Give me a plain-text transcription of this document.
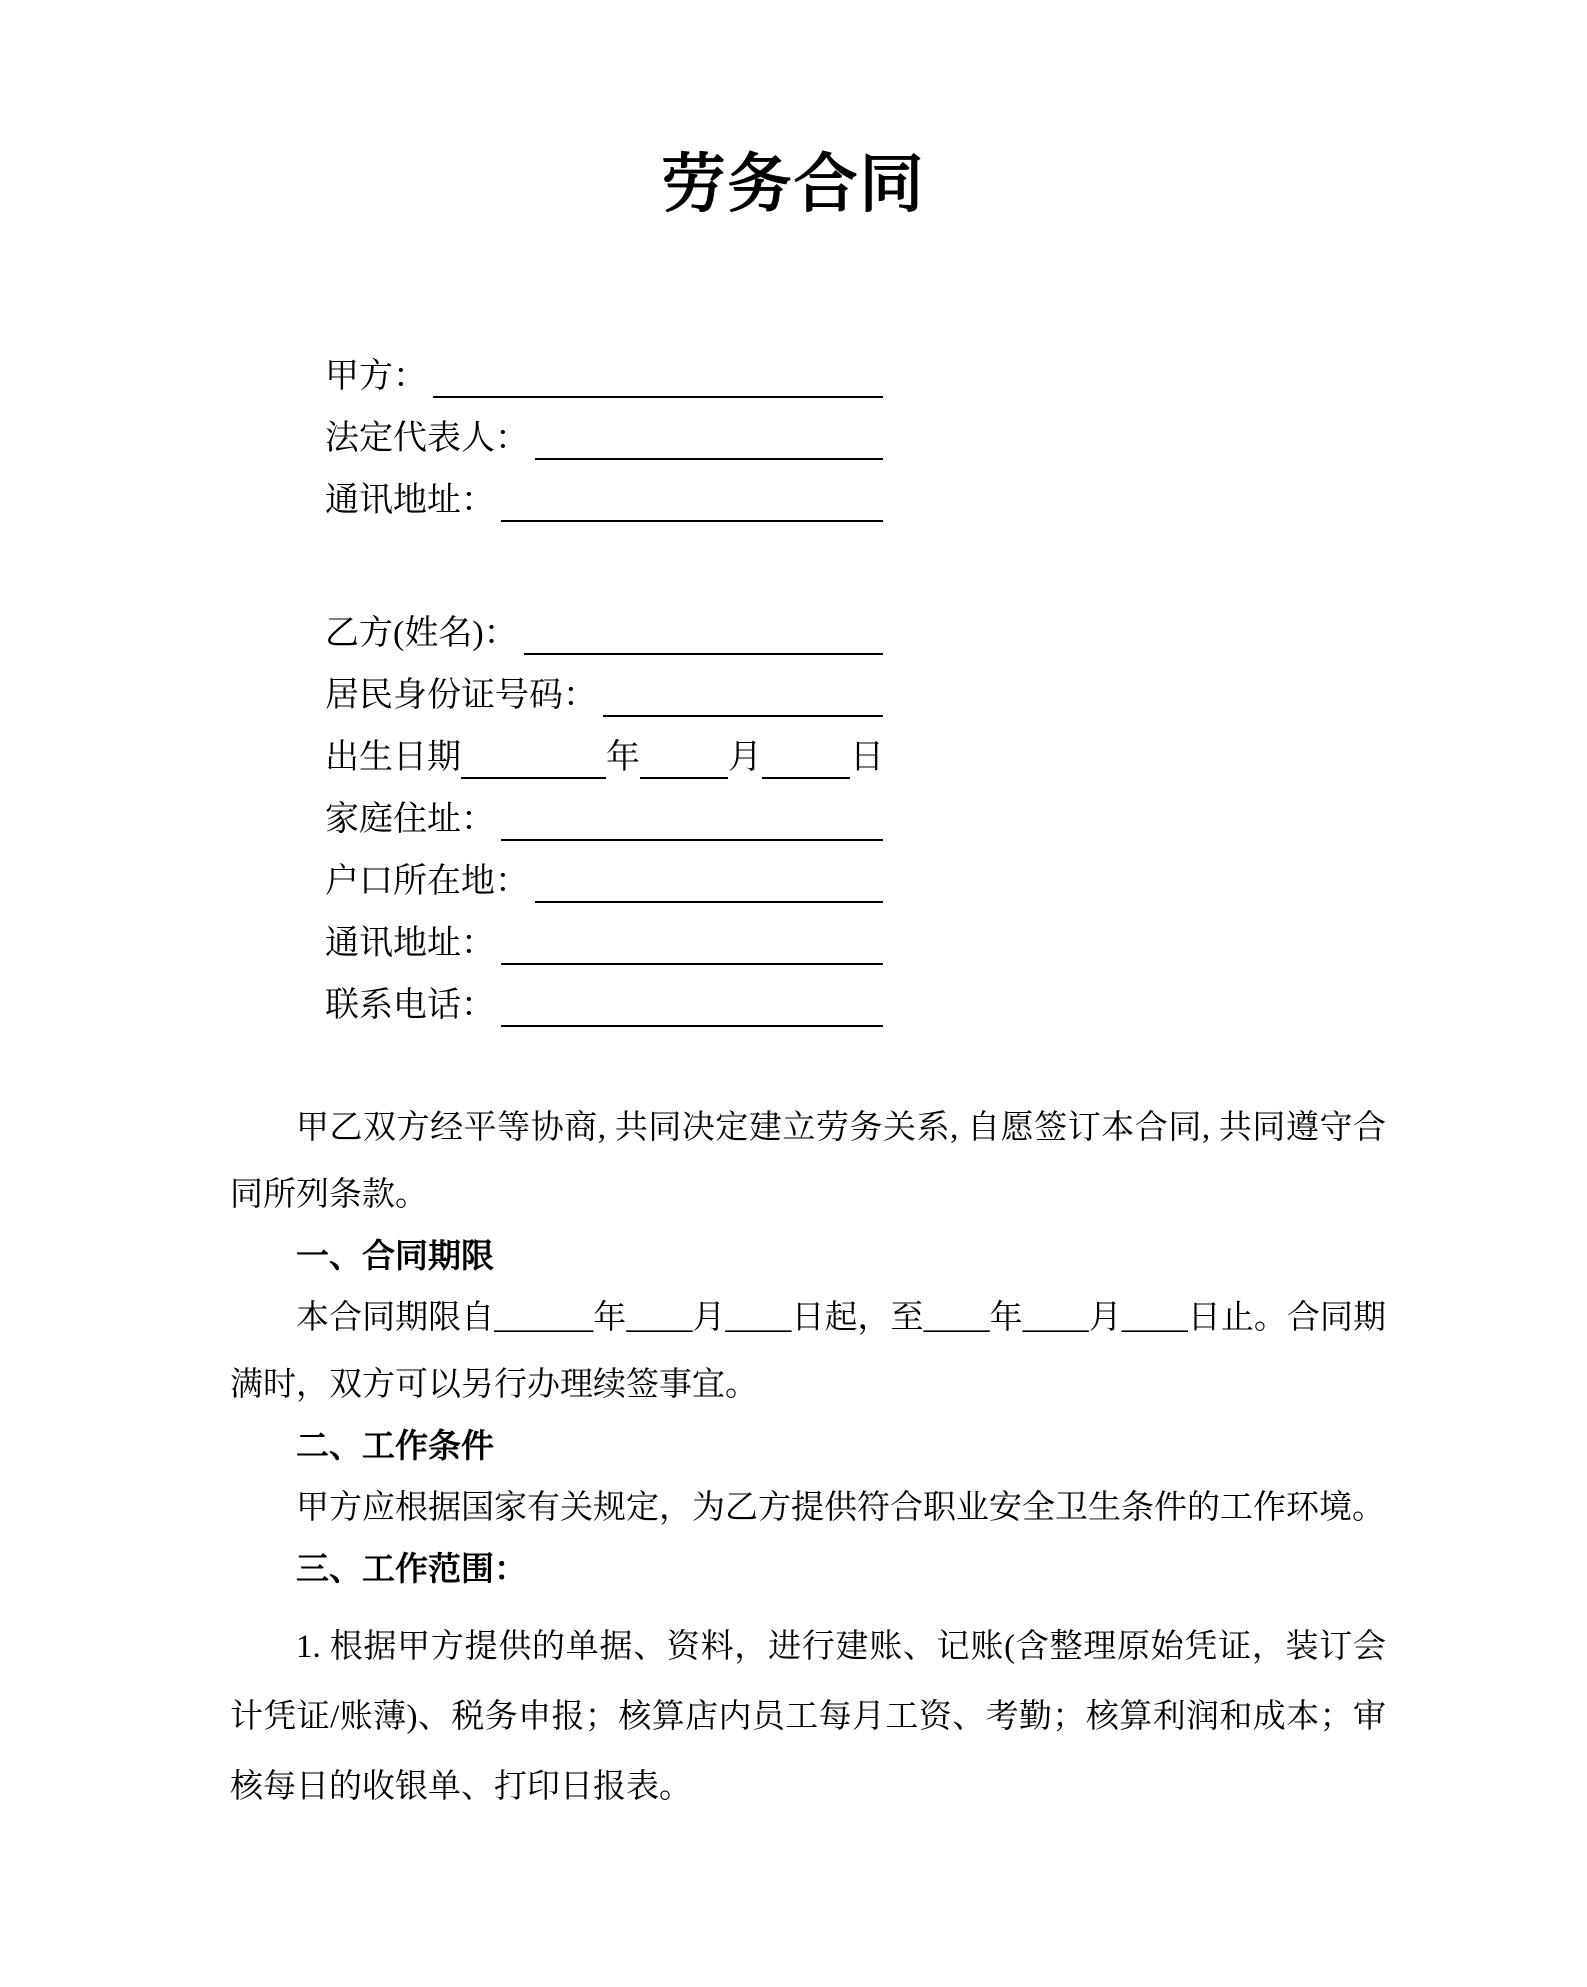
劳务合同
甲方：
法定代表人：
通讯地址：
乙方(姓名)：
居民身份证号码：
出生日期	年	月	日
家庭住址：
户口所在地：
通讯地址：
联系电话：

甲乙双方经平等协商, 共同决定建立劳务关系, 自愿签订本合同, 共同遵守合同所列条款。

一、合同期限

本合同期限自______年____月____日起，至____年____月____日止。合同期满时，双方可以另行办理续签事宜。

二、工作条件

甲方应根据国家有关规定，为乙方提供符合职业安全卫生条件的工作环境。

三、工作范围：

1. 根据甲方提供的单据、资料，进行建账、记账(含整理原始凭证，装订会计凭证/账薄)、税务申报；核算店内员工每月工资、考勤；核算利润和成本；审核每日的收银单、打印日报表。
